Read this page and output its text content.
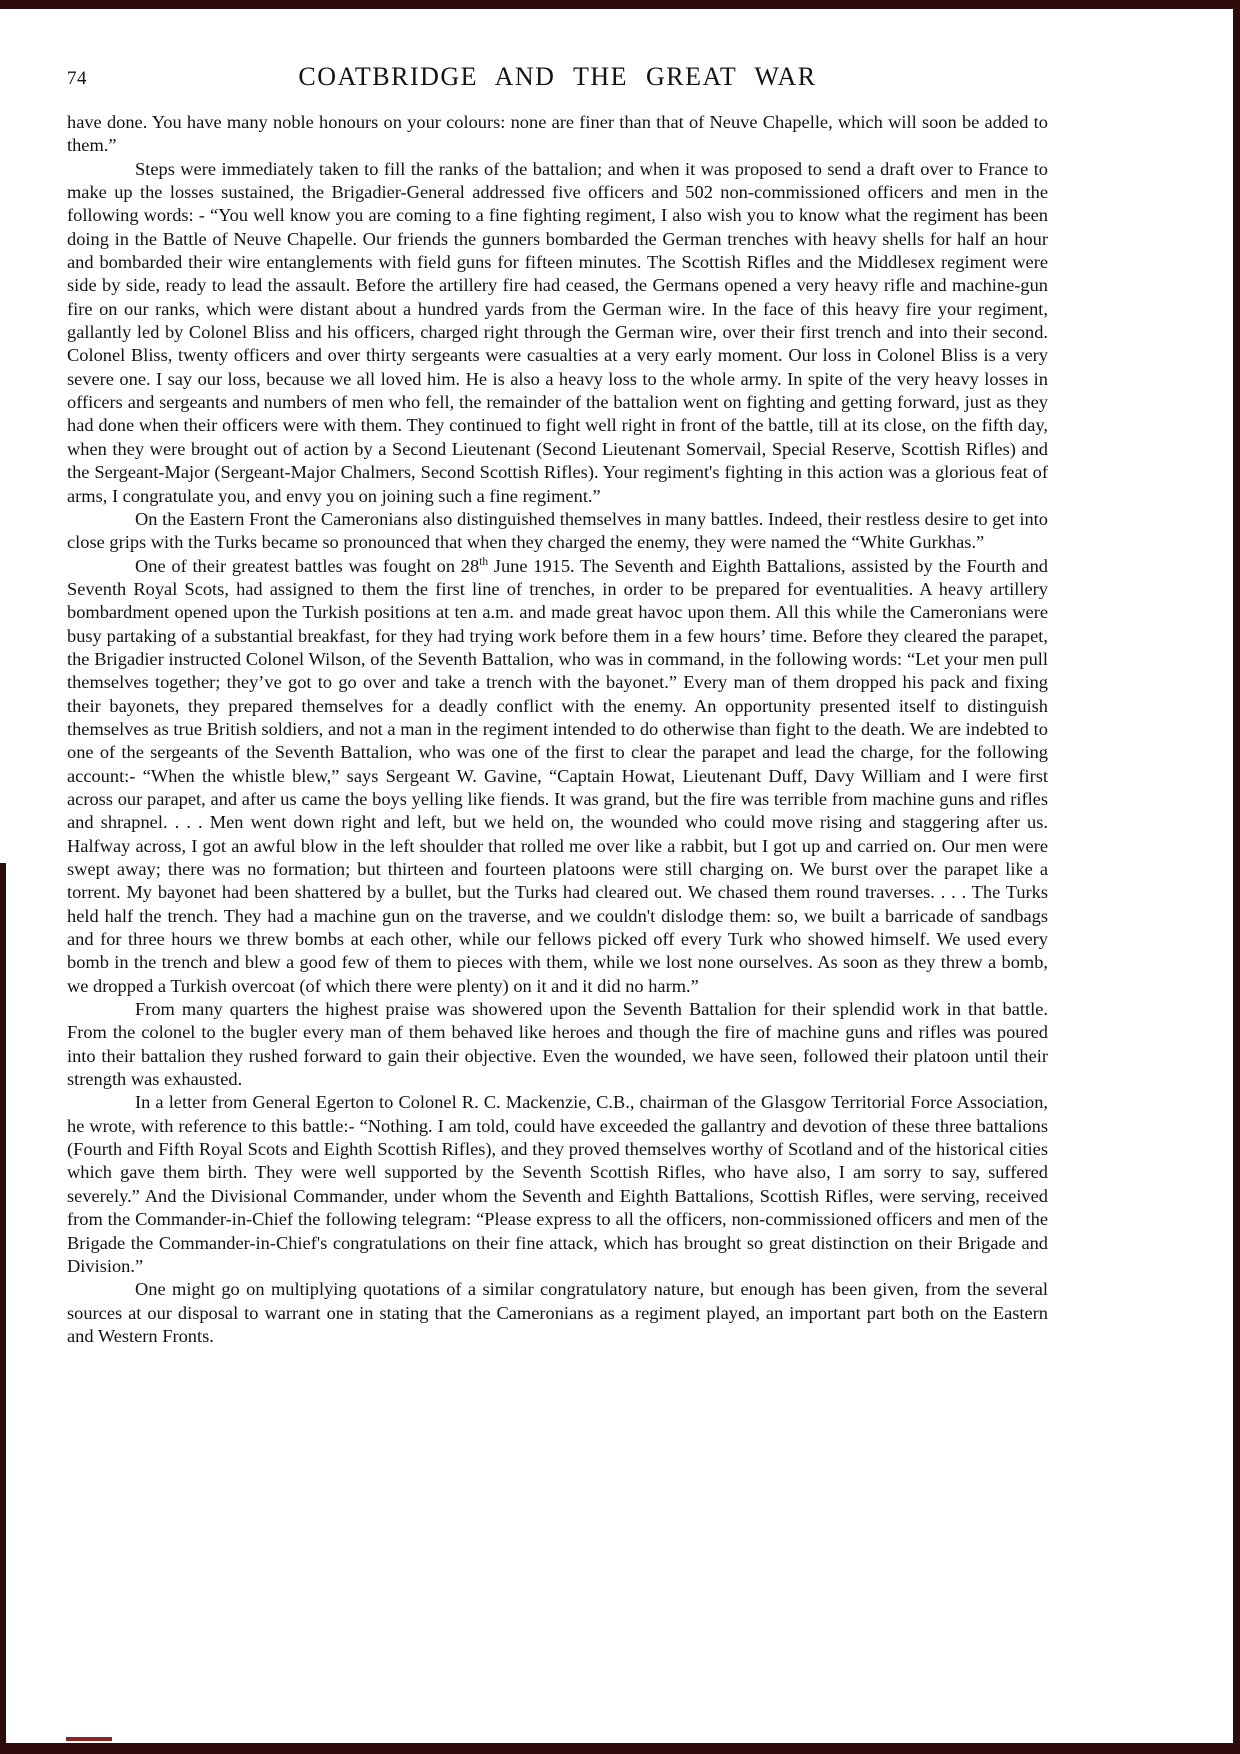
74	COATBRIDGE AND THE GREAT WAR

have done. You have many noble honours on your colours: none are finer than that of Neuve Chapelle, which will soon be added to them.”

Steps were immediately taken to fill the ranks of the battalion; and when it was proposed to send a draft over to France to make up the losses sustained, the Brigadier-General addressed five officers and 502 non-commissioned officers and men in the following words: - “You well know you are coming to a fine fighting regiment, I also wish you to know what the regiment has been doing in the Battle of Neuve Chapelle. Our friends the gunners bombarded the German trenches with heavy shells for half an hour and bombarded their wire entanglements with field guns for fifteen minutes. The Scottish Rifles and the Middlesex regiment were side by side, ready to lead the assault. Before the artillery fire had ceased, the Germans opened a very heavy rifle and machine-gun fire on our ranks, which were distant about a hundred yards from the German wire. In the face of this heavy fire your regiment, gallantly led by Colonel Bliss and his officers, charged right through the German wire, over their first trench and into their second. Colonel Bliss, twenty officers and over thirty sergeants were casualties at a very early moment. Our loss in Colonel Bliss is a very severe one. I say our loss, because we all loved him. He is also a heavy loss to the whole army. In spite of the very heavy losses in officers and sergeants and numbers of men who fell, the remainder of the battalion went on fighting and getting forward, just as they had done when their officers were with them. They continued to fight well right in front of the battle, till at its close, on the fifth day, when they were brought out of action by a Second Lieutenant (Second Lieutenant Somervail, Special Reserve, Scottish Rifles) and the Sergeant-Major (Sergeant-Major Chalmers, Second Scottish Rifles). Your regiment's fighting in this action was a glorious feat of arms, I congratulate you, and envy you on joining such a fine regiment.”

On the Eastern Front the Cameronians also distinguished themselves in many battles. Indeed, their restless desire to get into close grips with the Turks became so pronounced that when they charged the enemy, they were named the “White Gurkhas.”

One of their greatest battles was fought on 28th June 1915. The Seventh and Eighth Battalions, assisted by the Fourth and Seventh Royal Scots, had assigned to them the first line of trenches, in order to be prepared for eventualities. A heavy artillery bombardment opened upon the Turkish positions at ten a.m. and made great havoc upon them. All this while the Cameronians were busy partaking of a substantial breakfast, for they had trying work before them in a few hours’ time. Before they cleared the parapet, the Brigadier instructed Colonel Wilson, of the Seventh Battalion, who was in command, in the following words: “Let your men pull themselves together; they’ve got to go over and take a trench with the bayonet.” Every man of them dropped his pack and fixing their bayonets, they prepared themselves for a deadly conflict with the enemy. An opportunity presented itself to distinguish themselves as true British soldiers, and not a man in the regiment intended to do otherwise than fight to the death. We are indebted to one of the sergeants of the Seventh Battalion, who was one of the first to clear the parapet and lead the charge, for the following account:- “When the whistle blew,” says Sergeant W. Gavine, “Captain Howat, Lieutenant Duff, Davy William and I were first across our parapet, and after us came the boys yelling like fiends. It was grand, but the fire was terrible from machine guns and rifles and shrapnel. . . . Men went down right and left, but we held on, the wounded who could move rising and staggering after us. Halfway across, I got an awful blow in the left shoulder that rolled me over like a rabbit, but I got up and carried on. Our men were swept away; there was no formation; but thirteen and fourteen platoons were still charging on. We burst over the parapet like a torrent. My bayonet had been shattered by a bullet, but the Turks had cleared out. We chased them round traverses. . . . The Turks held half the trench. They had a machine gun on the traverse, and we couldn't dislodge them: so, we built a barricade of sandbags and for three hours we threw bombs at each other, while our fellows picked off every Turk who showed himself. We used every bomb in the trench and blew a good few of them to pieces with them, while we lost none ourselves. As soon as they threw a bomb, we dropped a Turkish overcoat (of which there were plenty) on it and it did no harm.”

From many quarters the highest praise was showered upon the Seventh Battalion for their splendid work in that battle. From the colonel to the bugler every man of them behaved like heroes and though the fire of machine guns and rifles was poured into their battalion they rushed forward to gain their objective. Even the wounded, we have seen, followed their platoon until their strength was exhausted.

In a letter from General Egerton to Colonel R. C. Mackenzie, C.B., chairman of the Glasgow Territorial Force Association, he wrote, with reference to this battle:- “Nothing. I am told, could have exceeded the gallantry and devotion of these three battalions (Fourth and Fifth Royal Scots and Eighth Scottish Rifles), and they proved themselves worthy of Scotland and of the historical cities which gave them birth. They were well supported by the Seventh Scottish Rifles, who have also, I am sorry to say, suffered severely.” And the Divisional Commander, under whom the Seventh and Eighth Battalions, Scottish Rifles, were serving, received from the Commander-in-Chief the following telegram: “Please express to all the officers, non-commissioned officers and men of the Brigade the Commander-in-Chief's congratulations on their fine attack, which has brought so great distinction on their Brigade and Division.”

One might go on multiplying quotations of a similar congratulatory nature, but enough has been given, from the several sources at our disposal to warrant one in stating that the Cameronians as a regiment played, an important part both on the Eastern and Western Fronts.
